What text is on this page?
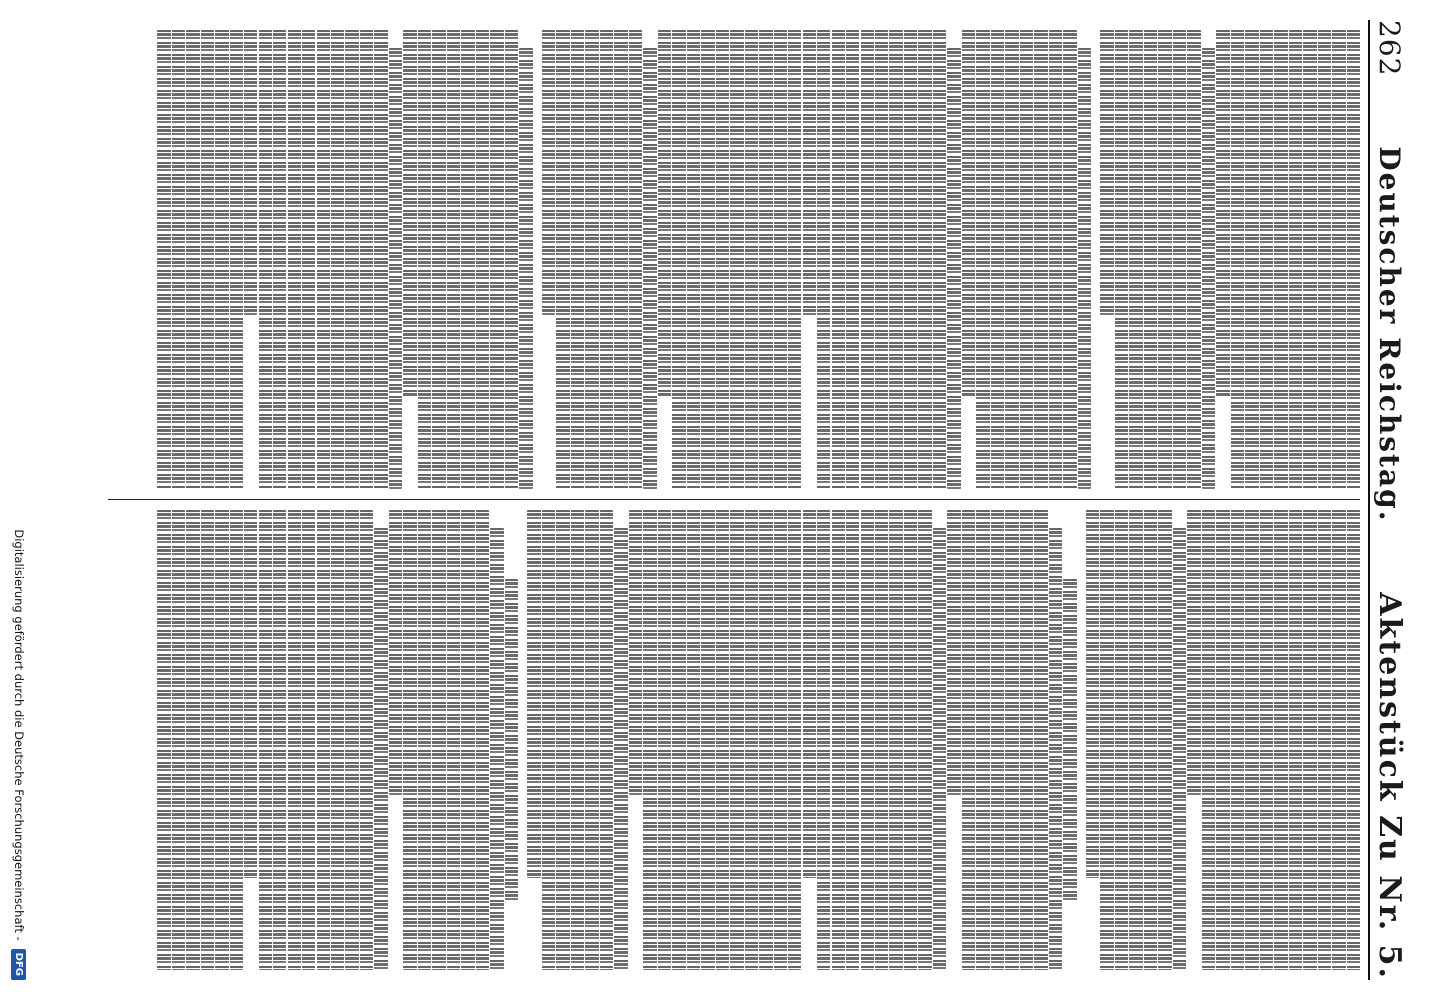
262
Deutscher Reichstag.
Aktenstück Zu Nr. 5.
Digitalisierung gefördert durch die Deutsche Forschungsgemeinschaft -
DFG
